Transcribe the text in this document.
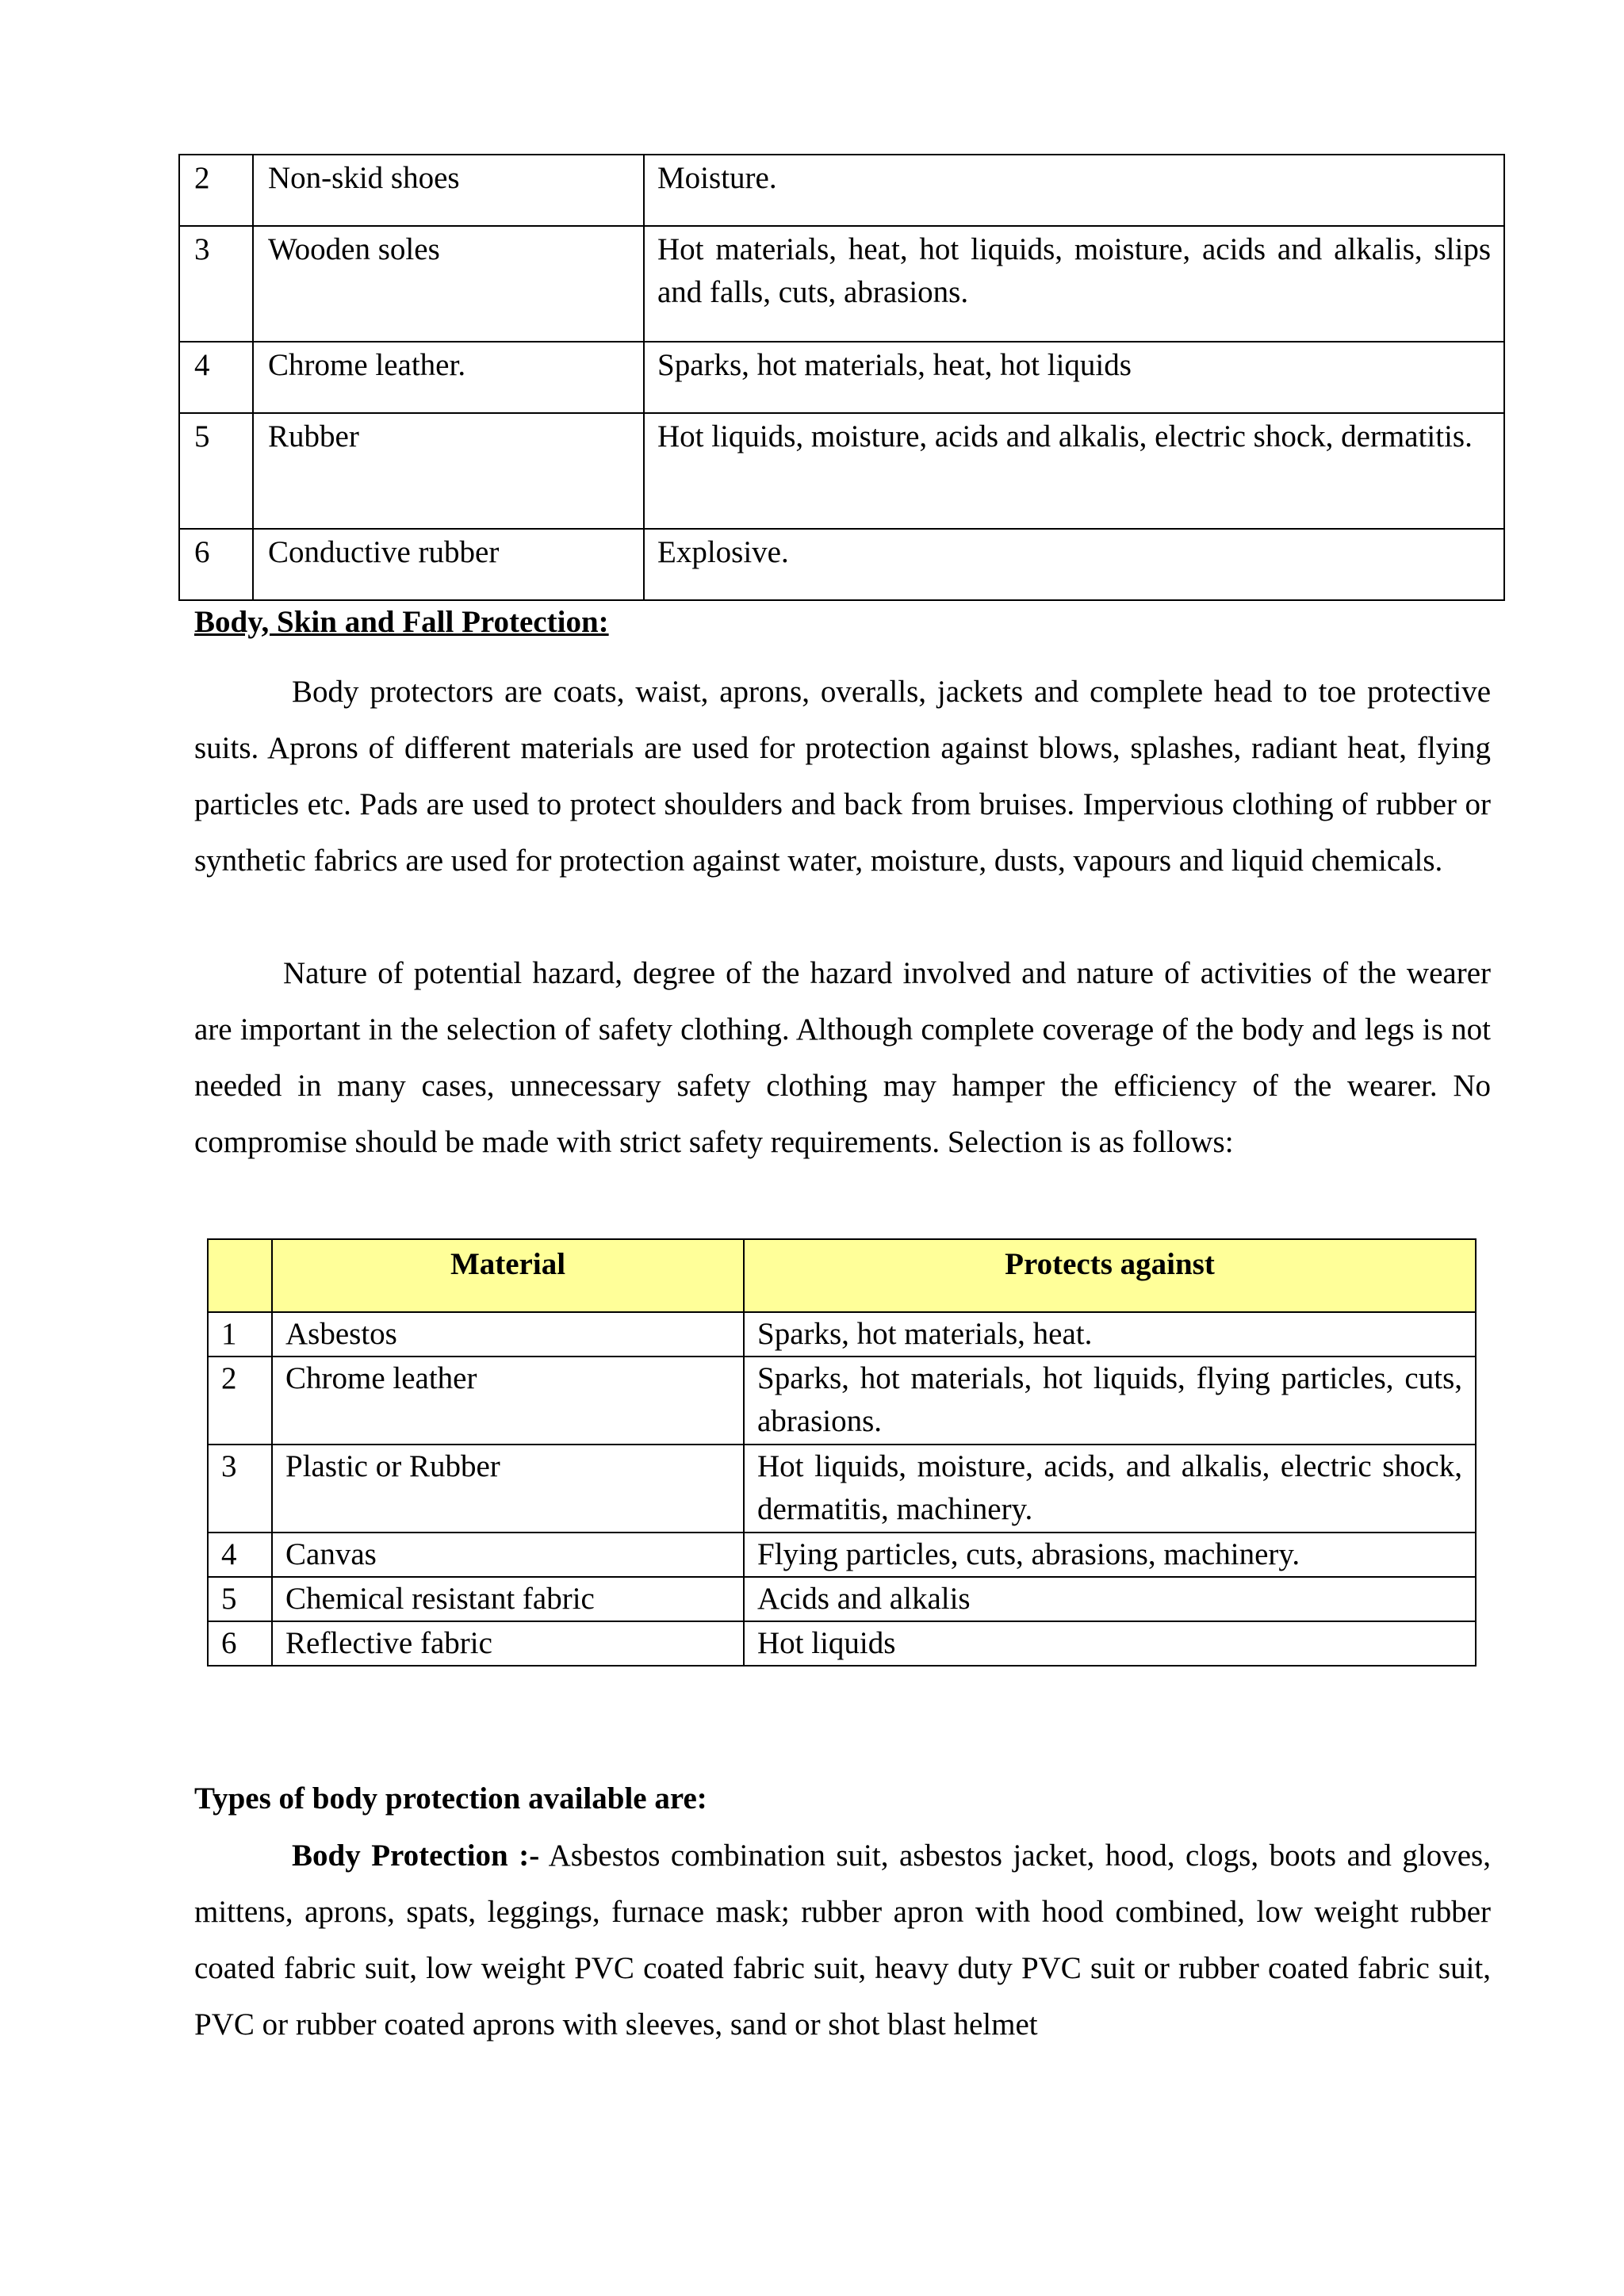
2	Non-skid shoes	Moisture.
3	Wooden soles	Hot materials, heat, hot liquids, moisture, acids and alkalis, slips and falls, cuts, abrasions.
4	Chrome leather.	Sparks, hot materials, heat, hot liquids
5	Rubber	Hot liquids, moisture, acids and alkalis, electric shock, dermatitis.
6	Conductive rubber	Explosive.
Body, Skin and Fall Protection:

Body protectors are coats, waist, aprons, overalls, jackets and complete head to toe protective suits. Aprons of different materials are used for protection against blows, splashes, radiant heat, flying particles etc. Pads are used to protect shoulders and back from bruises. Impervious clothing of rubber or synthetic fabrics are used for protection against water, moisture, dusts, vapours and liquid chemicals.

Nature of potential hazard, degree of the hazard involved and nature of activities of the wearer are important in the selection of safety clothing. Although complete coverage of the body and legs is not needed in many cases, unnecessary safety clothing may hamper the efficiency of the wearer. No compromise should be made with strict safety requirements. Selection is as follows:

	Material	Protects against
1	Asbestos	Sparks, hot materials, heat.
2	Chrome leather	Sparks, hot materials, hot liquids, flying particles, cuts, abrasions.
3	Plastic or Rubber	Hot liquids, moisture, acids, and alkalis, electric shock, dermatitis, machinery.
4	Canvas	Flying particles, cuts, abrasions, machinery.
5	Chemical resistant fabric	Acids and alkalis
6	Reflective fabric	Hot liquids
Types of body protection available are:

Body Protection :- Asbestos combination suit, asbestos jacket, hood, clogs, boots and gloves, mittens, aprons, spats, leggings, furnace mask; rubber apron with hood combined, low weight rubber coated fabric suit, low weight PVC coated fabric suit, heavy duty PVC suit or rubber coated fabric suit, PVC or rubber coated aprons with sleeves, sand or shot blast helmet
